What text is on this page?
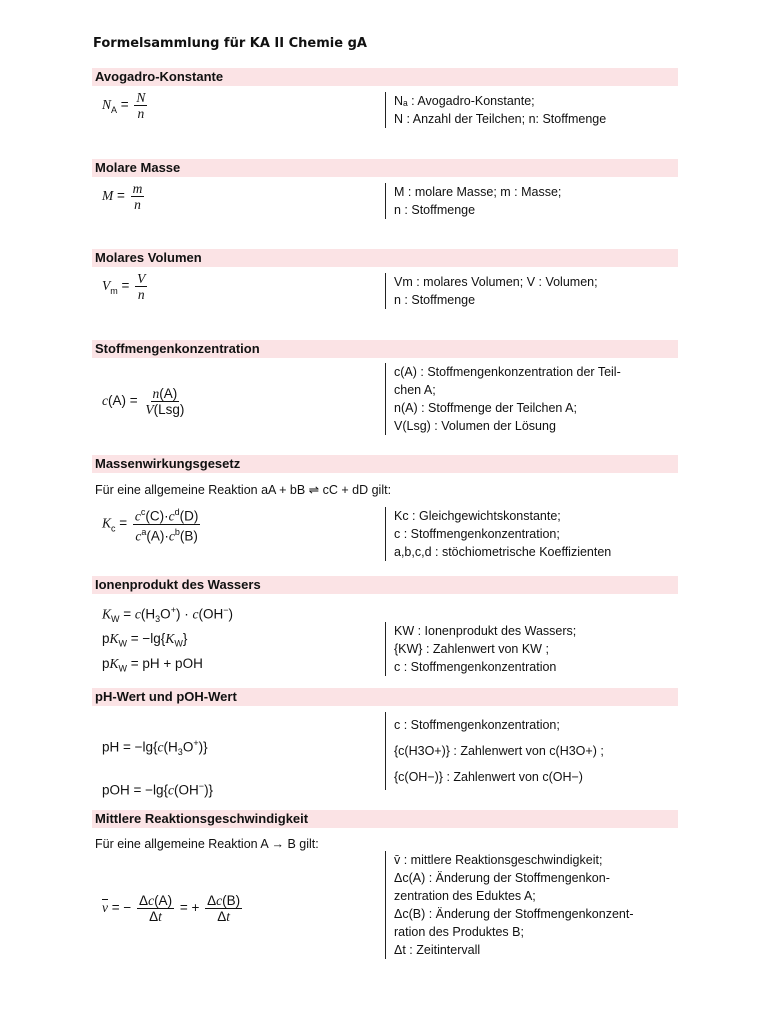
Formelsammlung für KA II Chemie gA
Avogadro-Konstante
$N_A = \frac{N}{n}$	Nₐ : Avogadro-Konstante;
N : Anzahl der Teilchen; n: Stoffmenge
Molare Masse
$M = \frac{m}{n}$	M : molare Masse; m : Masse;
n : Stoffmenge
Molares Volumen
$V_m = \frac{V}{n}$	Vm : molares Volumen; V : Volumen;
n : Stoffmenge
Stoffmengenkonzentration
$c(A) = \frac{n(A)}{\text{V(Lsg)}}$
c(A) : Stoffmengenkonzentration der Teil-
chen A;
n(A) : Stoffmenge der Teilchen A;
V(Lsg) : Volumen der Lösung
Massenwirkungsgesetz
Für eine allgemeine Reaktion aA + bB ⇌ cC + dD gilt:
$K_c = \frac{c^c(C)\cdot c^d(D)}{c^a(A)\cdot c^b(B)}$	Kc : Gleichgewichtskonstante;
c : Stoffmengenkonzentration;
a,b,c,d : stöchiometrische Koeffizienten
Ionenprodukt des Wassers
$K_W = c(H_3O^+) \cdot c(OH^-)$
$pK_W = -\lg\{K_W\}$
$pK_W$ = pH + pOH
KW : Ionenprodukt des Wassers;
{KW} : Zahlenwert von KW ;
c : Stoffmengenkonzentration
pH-Wert und pOH-Wert
pH = $-\lg\{c(H_3O^+)\}$
pOH = −lg{c(OH−)}
c : Stoffmengenkonzentration;
{c(H3O+)} : Zahlenwert von c(H3O+) ;
{c(OH−)} : Zahlenwert von c(OH−)
Mittlere Reaktionsgeschwindigkeit
Für eine allgemeine Reaktion A → B gilt:
$\overline{v}$ = − $\frac{\Delta c(A)}{\Delta t}$ = + $\frac{\Delta c(B)}{\Delta t}$
v̄ : mittlere Reaktionsgeschwindigkeit;
Δc(A) : Änderung der Stoffmengenkon-
zentration des Eduktes A;
Δc(B) : Änderung der Stoffmengenkonzent-
ration des Produktes B;
Δt : Zeitintervall
